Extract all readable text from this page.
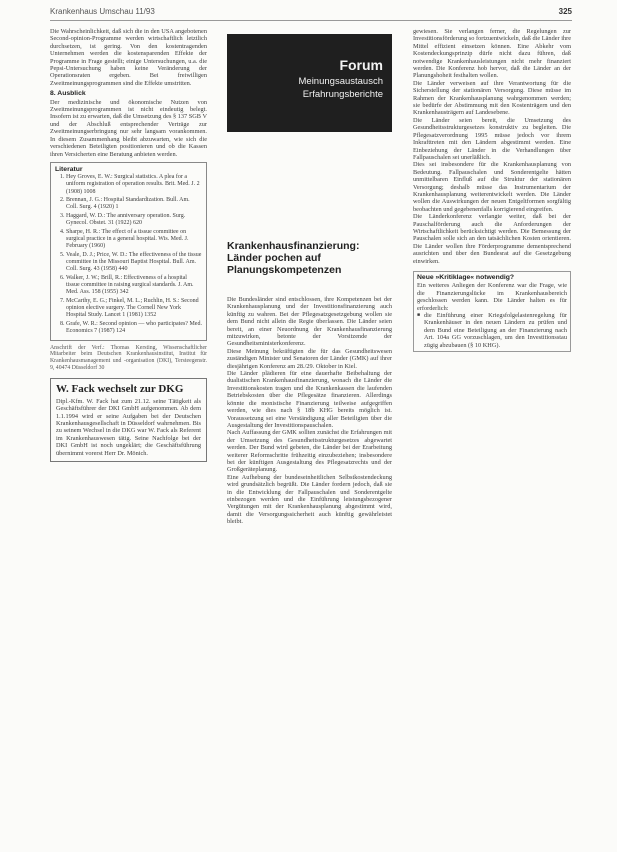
Krankenhaus Umschau 11/93	325

Die Wahrscheinlichkeit, daß sich die in den USA angebotenen Second-opinion-Programme werden wirtschaftlich letztlich durchsetzen, ist gering. Von den kostentragenden Unternehmen werden die kostensparenden Effekte der Programme in Frage gestellt; einige Untersuchungen, u.a. die Pepsi-Untersuchung haben keine Veränderung der Operationsraten ergeben. Bei freiwilligen Zweitmeinungsprogrammen sind die Effekte umstritten.

8. Ausblick

Der medizinische und ökonomische Nutzen von Zweitmeinungsprogrammen ist nicht eindeutig belegt. Insofern ist zu erwarten, daß die Umsetzung des § 137 SGB V und der Abschluß entsprechender Verträge zur Zweitmeinungserbringung nur sehr langsam vorankommen. In diesem Zusammenhang bleibt abzuwarten, wie sich die verschiedenen Beteiligten positionieren und ob die Kassen ihren Versicherten eine Beratung anbieten werden.

Literatur
1. Hey Groves, E. W.: Surgical statistics. A plea for a uniform registration of operation results. Brit. Med. J. 2 (1908) 1008
2. Brennan, J. G.: Hospital Standardization. Bull. Am. Coll. Surg. 4 (1920) 1
3. Haggard, W. D.: The anniversary operation. Surg. Gynecol. Obstet. 31 (1922) 620
4. Sharpe, H. R.: The effect of a tissue committee on surgical practice in a general hospital. Wis. Med. J. February (1960)
5. Veale, D. J.; Price, W. D.: The effectiveness of the tissue committee in the Missouri Baptist Hospital. Bull. Am. Coll. Surg. 43 (1958) 440
6. Walker, J. W.; Brill, R.: Effectiveness of a hospital tissue committee in raising surgical standards. J. Am. Med. Ass. 158 (1955) 342
7. McCarthy, E. G.; Finkel, M. L.; Ruchlin, H. S.: Second opinion elective surgery. The Cornell New York Hospital Study. Lancet 1 (1981) 1352
8. Grafe, W. R.: Second opinion — who participates? Med. Economics 7 (1987) 124

Anschrift der Verf.: Thomas Kersting, Wissenschaftlicher Mitarbeiter beim Deutschen Krankenhausinstitut, Institut für Krankenhausmanagement und -organisation (DKI), Tersteegenstr. 9, 40474 Düsseldorf 30

W. Fack wechselt zur DKG

Dipl.-Kfm. W. Fack hat zum 21.12. seine Tätigkeit als Geschäftsführer der DKI GmbH aufgenommen. Ab dem 1.1.1994 wird er seine Aufgaben bei der Deutschen Krankenhausgesellschaft in Düsseldorf wahrnehmen. Bis zu seinem Wechsel in die DKG war W. Fack als Referent im Krankenhauswesen tätig. Seine Nachfolge bei der DKI GmbH ist noch ungeklärt; die Geschäftsführung übernimmt vorerst Herr Dr. Mönich.

Forum
Meinungsaustausch
Erfahrungsberichte
Krankenhausfinanzierung: Länder pochen auf Planungskompetenzen

Die Bundesländer sind entschlossen, ihre Kompetenzen bei der Krankenhausplanung und der Investitionsfinanzierung auch künftig zu wahren. Bei der Pflegesatzgesetzgebung wollen sie dem Bund nicht allein die Regie überlassen. Die Länder seien bereit, an einer Neuordnung der Krankenhausfinanzierung mitzuwirken, betonte der Vorsitzende der Gesundheitsministerkonferenz.

Diese Meinung bekräftigten die für das Gesundheitswesen zuständigen Minister und Senatoren der Länder (GMK) auf ihrer diesjährigen Konferenz am 28./29. Oktober in Kiel.

Die Länder plädieren für eine dauerhafte Beibehaltung der dualistischen Krankenhausfinanzierung, wonach die Länder die Investitionskosten tragen und die Krankenkassen die laufenden Betriebskosten über die Pflegesätze finanzieren. Allerdings könnte die monistische Finanzierung teilweise aufgegriffen werden, wie dies nach § 18b KHG bereits möglich ist. Voraussetzung sei eine Verständigung aller Beteiligten über die Ausgestaltung der Investitionspauschalen.

Nach Auffassung der GMK sollten zunächst die Erfahrungen mit der Umsetzung des Gesundheitsstrukturgesetzes abgewartet werden. Der Bund wird gebeten, die Länder bei der Erarbeitung weiterer Reformschritte frühzeitig einzubeziehen; insbesondere bei der künftigen Ausgestaltung des Pflegesatzrechts und der Großgeräteplanung.

Eine Aufhebung der bundeseinheitlichen Selbstkostendeckung wird grundsätzlich begrüßt. Die Länder fordern jedoch, daß sie in die Entwicklung der Fallpauschalen und Sonderentgelte einbezogen werden und die Einführung leistungsbezogener Vergütungen mit der Krankenhausplanung abgestimmt wird, damit die Versorgungssicherheit auch künftig gewährleistet bleibt.

gewiesen. Sie verlangen ferner, die Regelungen zur Investitionsförderung so fortzuentwickeln, daß die Länder ihre Mittel effizient einsetzen können. Eine Abkehr vom Kostendeckungsprinzip dürfe nicht dazu führen, daß notwendige Krankenhausleistungen nicht mehr finanziert werden. Die Konferenz hob hervor, daß die Länder an der Planungshoheit festhalten wollen.

Die Länder verweisen auf ihre Verantwortung für die Sicherstellung der stationären Versorgung. Diese müsse im Rahmen der Krankenhausplanung wahrgenommen werden; sie bedürfe der Abstimmung mit den Kostenträgern und den Krankenhausträgern auf Landesebene.

Die Länder seien bereit, die Umsetzung des Gesundheitsstrukturgesetzes konstruktiv zu begleiten. Die Pflegesatzverordnung 1995 müsse jedoch vor ihrem Inkrafttreten mit den Ländern abgestimmt werden. Eine Einbeziehung der Länder in die Verhandlungen über Fallpauschalen sei unerläßlich.

Dies sei insbesondere für die Krankenhausplanung von Bedeutung. Fallpauschalen und Sonderentgelte hätten unmittelbaren Einfluß auf die Struktur der stationären Versorgung; deshalb müsse das Instrumentarium der Krankenhausplanung weiterentwickelt werden. Die Länder wollen die Auswirkungen der neuen Entgeltformen sorgfältig beobachten und gegebenenfalls korrigierend eingreifen.

Die Länderkonferenz verlangte weiter, daß bei der Pauschalförderung auch die Anforderungen der Wirtschaftlichkeit berücksichtigt werden. Die Bemessung der Pauschalen solle sich an den tatsächlichen Kosten orientieren. Die Länder wollen ihre Förderprogramme dementsprechend ausrichten und über den Bundesrat auf die Gesetzgebung einwirken.

Neue »Kritiklage« notwendig?

Ein weiteres Anliegen der Konferenz war die Frage, wie die Finanzierungslücke im Krankenhausbereich geschlossen werden kann. Die Länder halten es für erforderlich:

■ die Einführung einer Kriegsfolgelastenregelung für Krankenhäuser in den neuen Ländern zu prüfen und dem Bund eine Beteiligung an der Finanzierung nach Art. 104a GG vorzuschlagen, um den Investitionsstau zügig abzubauen (§ 10 KHG).
